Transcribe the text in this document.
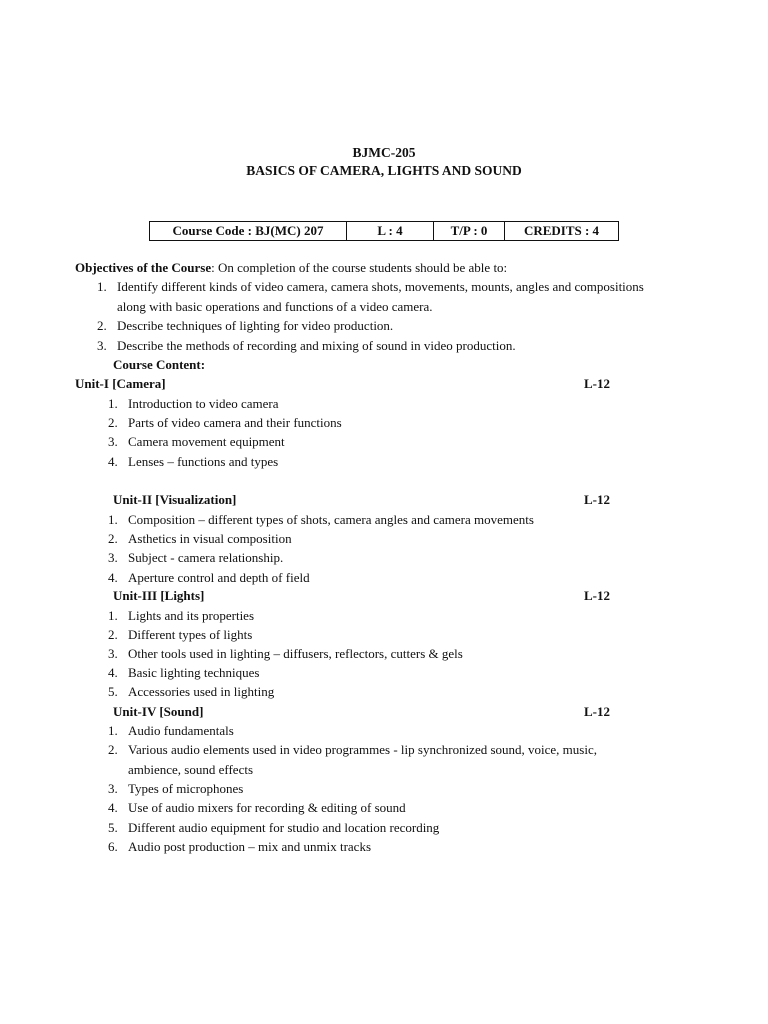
BJMC-205
BASICS OF CAMERA, LIGHTS AND SOUND
Course Code : BJ(MC) 207	L : 4	T/P : 0	CREDITS : 4
Objectives of the Course: On completion of the course students should be able to:
1. Identify different kinds of video camera, camera shots, movements, mounts, angles and compositions
along with basic operations and functions of a video camera.
2. Describe techniques of lighting for video production.
3. Describe the methods of recording and mixing of sound in video production.
Course Content:
Unit-I [Camera]	L-12
1. Introduction to video camera
2. Parts of video camera and their functions
3. Camera movement equipment
4. Lenses – functions and types
Unit-II [Visualization]	L-12
1. Composition – different types of shots, camera angles and camera movements
2. Asthetics in visual composition
3. Subject - camera relationship.
4. Aperture control and depth of field
Unit-III [Lights]	L-12
1. Lights and its properties
2. Different types of lights
3. Other tools used in lighting – diffusers, reflectors, cutters & gels
4. Basic lighting techniques
5. Accessories used in lighting
Unit-IV [Sound]	L-12
1. Audio fundamentals
2. Various audio elements used in video programmes - lip synchronized sound, voice, music,
ambience, sound effects
3. Types of microphones
4. Use of audio mixers for recording & editing of sound
5. Different audio equipment for studio and location recording
6. Audio post production – mix and unmix tracks
